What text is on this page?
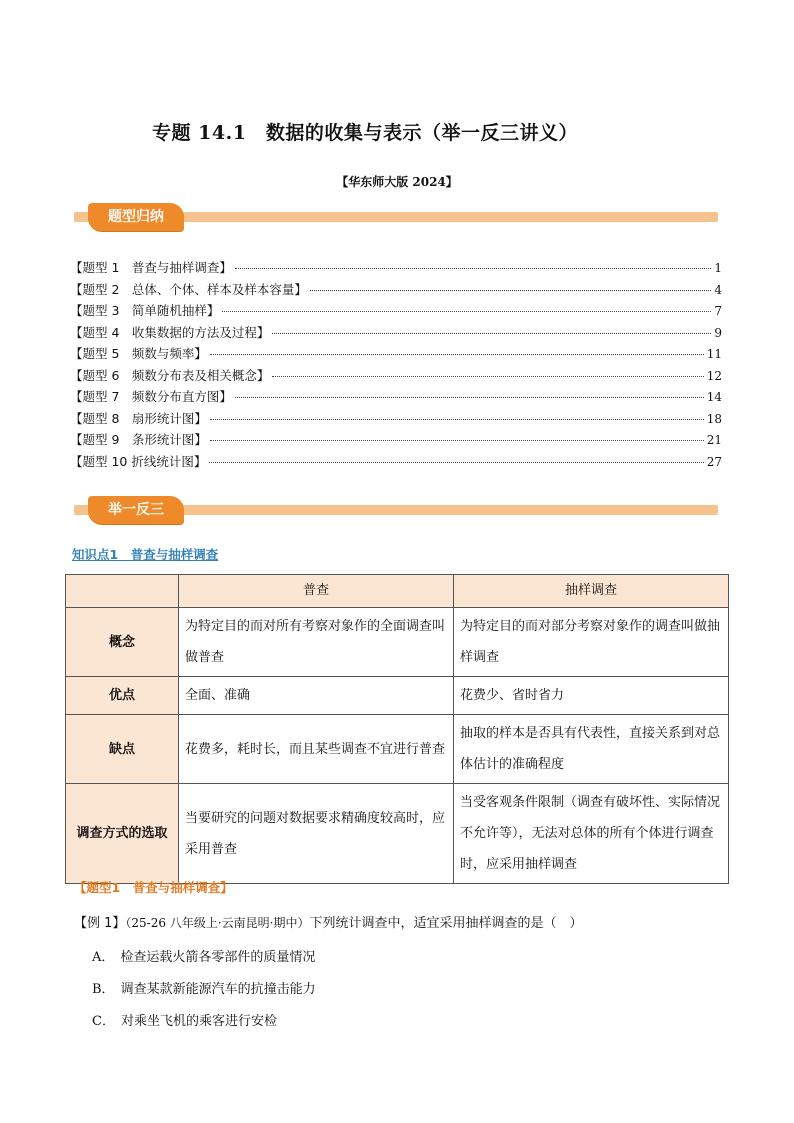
专题 14.1　数据的收集与表示（举一反三讲义）
【华东师大版 2024】
题型归纳
【题型 1　普查与抽样调查】	1
【题型 2　总体、个体、样本及样本容量】	4
【题型 3　简单随机抽样】	7
【题型 4　收集数据的方法及过程】	9
【题型 5　频数与频率】	11
【题型 6　频数分布表及相关概念】	12
【题型 7　频数分布直方图】	14
【题型 8　扇形统计图】	18
【题型 9　条形统计图】	21
【题型 10 折线统计图】	27
举一反三
知识点1　普查与抽样调查
	普查	抽样调查
概念	为特定目的而对所有考察对象作的全面调查叫做普查	为特定目的而对部分考察对象作的调查叫做抽样调查
优点	全面、准确	花费少、省时省力
缺点	花费多，耗时长，而且某些调查不宜进行普查	抽取的样本是否具有代表性，直接关系到对总体估计的准确程度
调查方式的选取	当要研究的问题对数据要求精确度较高时，应采用普查	当受客观条件限制（调查有破坏性、实际情况不允许等），无法对总体的所有个体进行调查时，应采用抽样调查
【题型1　普查与抽样调查】
【例 1】（25-26 八年级上·云南昆明·期中）下列统计调查中，适宜采用抽样调查的是（　）
A． 检查运载火箭各零部件的质量情况
B． 调查某款新能源汽车的抗撞击能力
C． 对乘坐飞机的乘客进行安检
